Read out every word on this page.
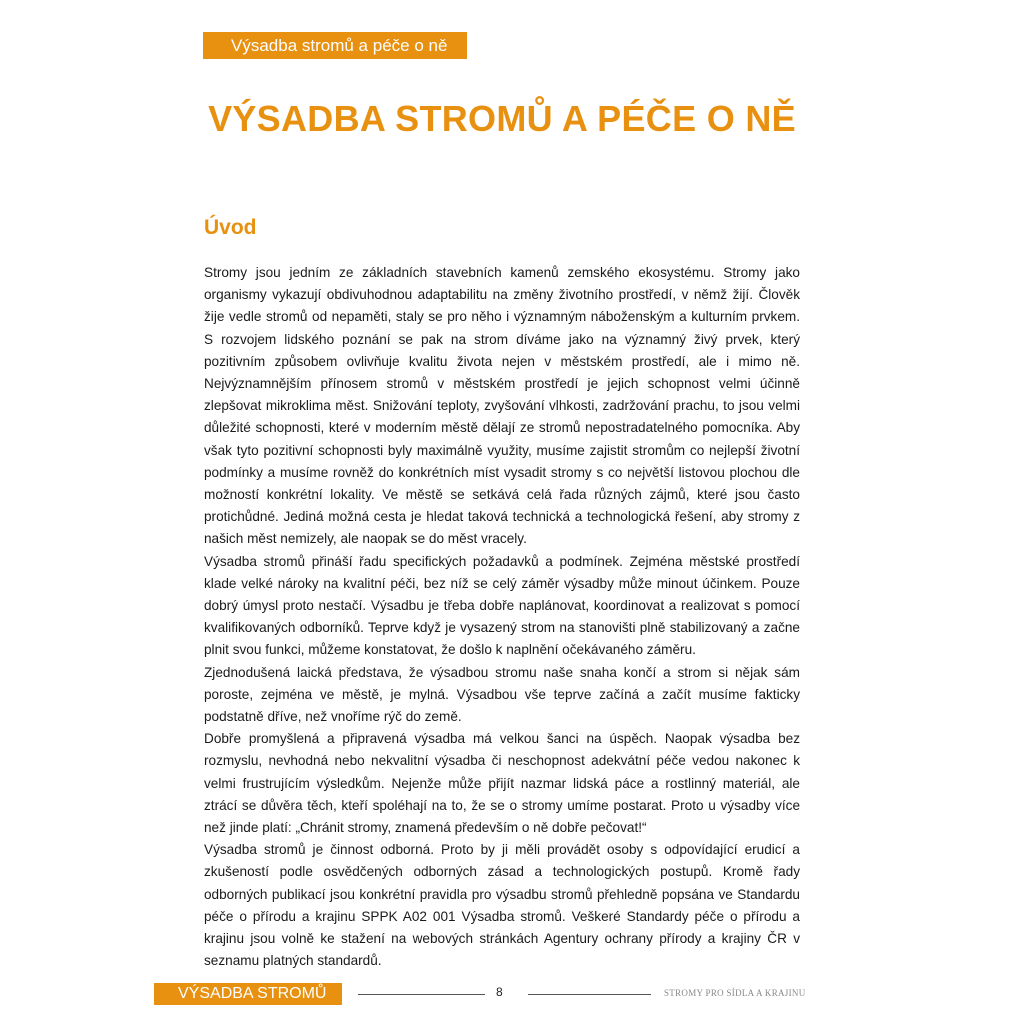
Výsadba stromů a péče o ně
VÝSADBA STROMŮ A PÉČE O NĚ
Úvod

Stromy jsou jedním ze základních stavebních kamenů zemského ekosystému. Stromy jako organismy vykazují obdivuhodnou adaptabilitu na změny životního prostředí, v němž žijí. Člověk žije vedle stromů od nepaměti, staly se pro něho i významným náboženským a kulturním prvkem. S rozvojem lidského poznání se pak na strom díváme jako na významný živý prvek, který pozitivním způsobem ovlivňuje kvalitu života nejen v městském prostředí, ale i mimo ně. Nejvýznamnějším přínosem stromů v městském prostředí je jejich schopnost velmi účinně zlepšovat mikroklima měst. Snižování teploty, zvyšování vlhkosti, zadržování prachu, to jsou velmi důležité schopnosti, které v moderním městě dělají ze stromů nepostradatelného pomocníka. Aby však tyto pozitivní schopnosti byly maximálně využity, musíme zajistit stromům co nejlepší životní podmínky a musíme rovněž do konkrétních míst vysadit stromy s co největší listovou plochou dle možností konkrétní lokality. Ve městě se setkává celá řada různých zájmů, které jsou často protichůdné. Jediná možná cesta je hledat taková technická a technologická řešení, aby stromy z našich měst nemizely, ale naopak se do měst vracely.

Výsadba stromů přináší řadu specifických požadavků a podmínek. Zejména městské prostředí klade velké nároky na kvalitní péči, bez níž se celý záměr výsadby může minout účinkem. Pouze dobrý úmysl proto nestačí. Výsadbu je třeba dobře naplánovat, koordinovat a realizovat s pomocí kvalifikovaných odborníků. Teprve když je vysazený strom na stanovišti plně stabilizovaný a začne plnit svou funkci, můžeme konstatovat, že došlo k naplnění očekávaného záměru.

Zjednodušená laická představa, že výsadbou stromu naše snaha končí a strom si nějak sám poroste, zejména ve městě, je mylná. Výsadbou vše teprve začíná a začít musíme fakticky podstatně dříve, než vnoříme rýč do země.

Dobře promyšlená a připravená výsadba má velkou šanci na úspěch. Naopak výsadba bez rozmyslu, nevhodná nebo nekvalitní výsadba či neschopnost adekvátní péče vedou nakonec k velmi frustrujícím výsledkům. Nejenže může přijít nazmar lidská páce a rostlinný materiál, ale ztrácí se důvěra těch, kteří spoléhají na to, že se o stromy umíme postarat. Proto u výsadby více než jinde platí: „Chránit stromy, znamená především o ně dobře pečovat!“

Výsadba stromů je činnost odborná. Proto by ji měli provádět osoby s odpovídající erudicí a zkušeností podle osvědčených odborných zásad a technologických postupů. Kromě řady odborných publikací jsou konkrétní pravidla pro výsadbu stromů přehledně popsána ve Standardu péče o přírodu a krajinu SPPK A02 001 Výsadba stromů. Veškeré Standardy péče o přírodu a krajinu jsou volně ke stažení na webových stránkách Agentury ochrany přírody a krajiny ČR v seznamu platných standardů.

VÝSADBA STROMŮ	8	STROMY PRO SÍDLA A KRAJINU
